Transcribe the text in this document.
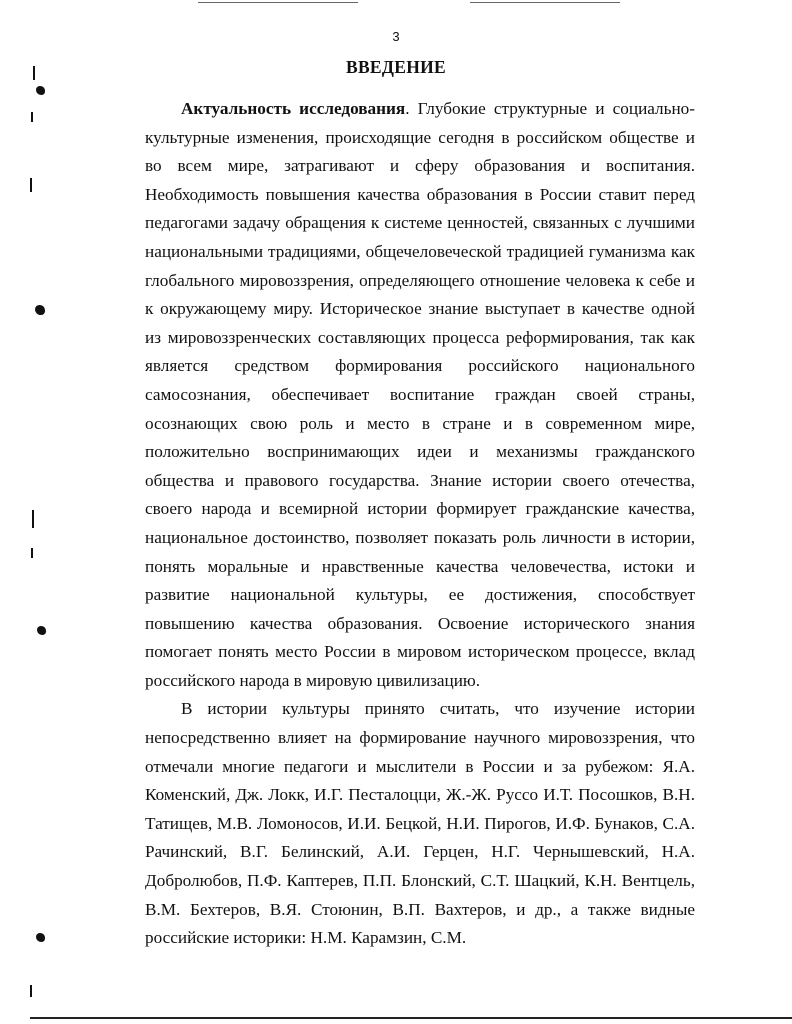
3
ВВЕДЕНИЕ

Актуальность исследования. Глубокие структурные и социально-культурные изменения, происходящие сегодня в российском обществе и во всем мире, затрагивают и сферу образования и воспитания. Необходимость повышения качества образования в России ставит перед педагогами задачу обращения к системе ценностей, связанных с лучшими национальными традициями, общечеловеческой традицией гуманизма как глобального мировоззрения, определяющего отношение человека к себе и к окружающему миру. Историческое знание выступает в качестве одной из мировоззренческих составляющих процесса реформирования, так как является средством формирования российского национального самосознания, обеспечивает воспитание граждан своей страны, осознающих свою роль и место в стране и в современном мире, положительно воспринимающих идеи и механизмы гражданского общества и правового государства. Знание истории своего отечества, своего народа и всемирной истории формирует гражданские качества, национальное достоинство, позволяет показать роль личности в истории, понять моральные и нравственные качества человечества, истоки и развитие национальной культуры, ее достижения, способствует повышению качества образования. Освоение исторического знания помогает понять место России в мировом историческом процессе, вклад российского народа в мировую цивилизацию.

В истории культуры принято считать, что изучение истории непосредственно влияет на формирование научного мировоззрения, что отмечали многие педагоги и мыслители в России и за рубежом: Я.А. Коменский, Дж. Локк, И.Г. Песталоцци, Ж.-Ж. Руссо И.Т. Посошков, В.Н. Татищев, М.В. Ломоносов, И.И. Бецкой, Н.И. Пирогов, И.Ф. Бунаков, С.А. Рачинский, В.Г. Белинский, А.И. Герцен, Н.Г. Чернышевский, Н.А. Добролюбов, П.Ф. Каптерев, П.П. Блонский, С.Т. Шацкий, К.Н. Вентцель, В.М. Бехтеров, В.Я. Стоюнин, В.П. Вахтеров, и др., а также видные российские историки: Н.М. Карамзин, С.М.
